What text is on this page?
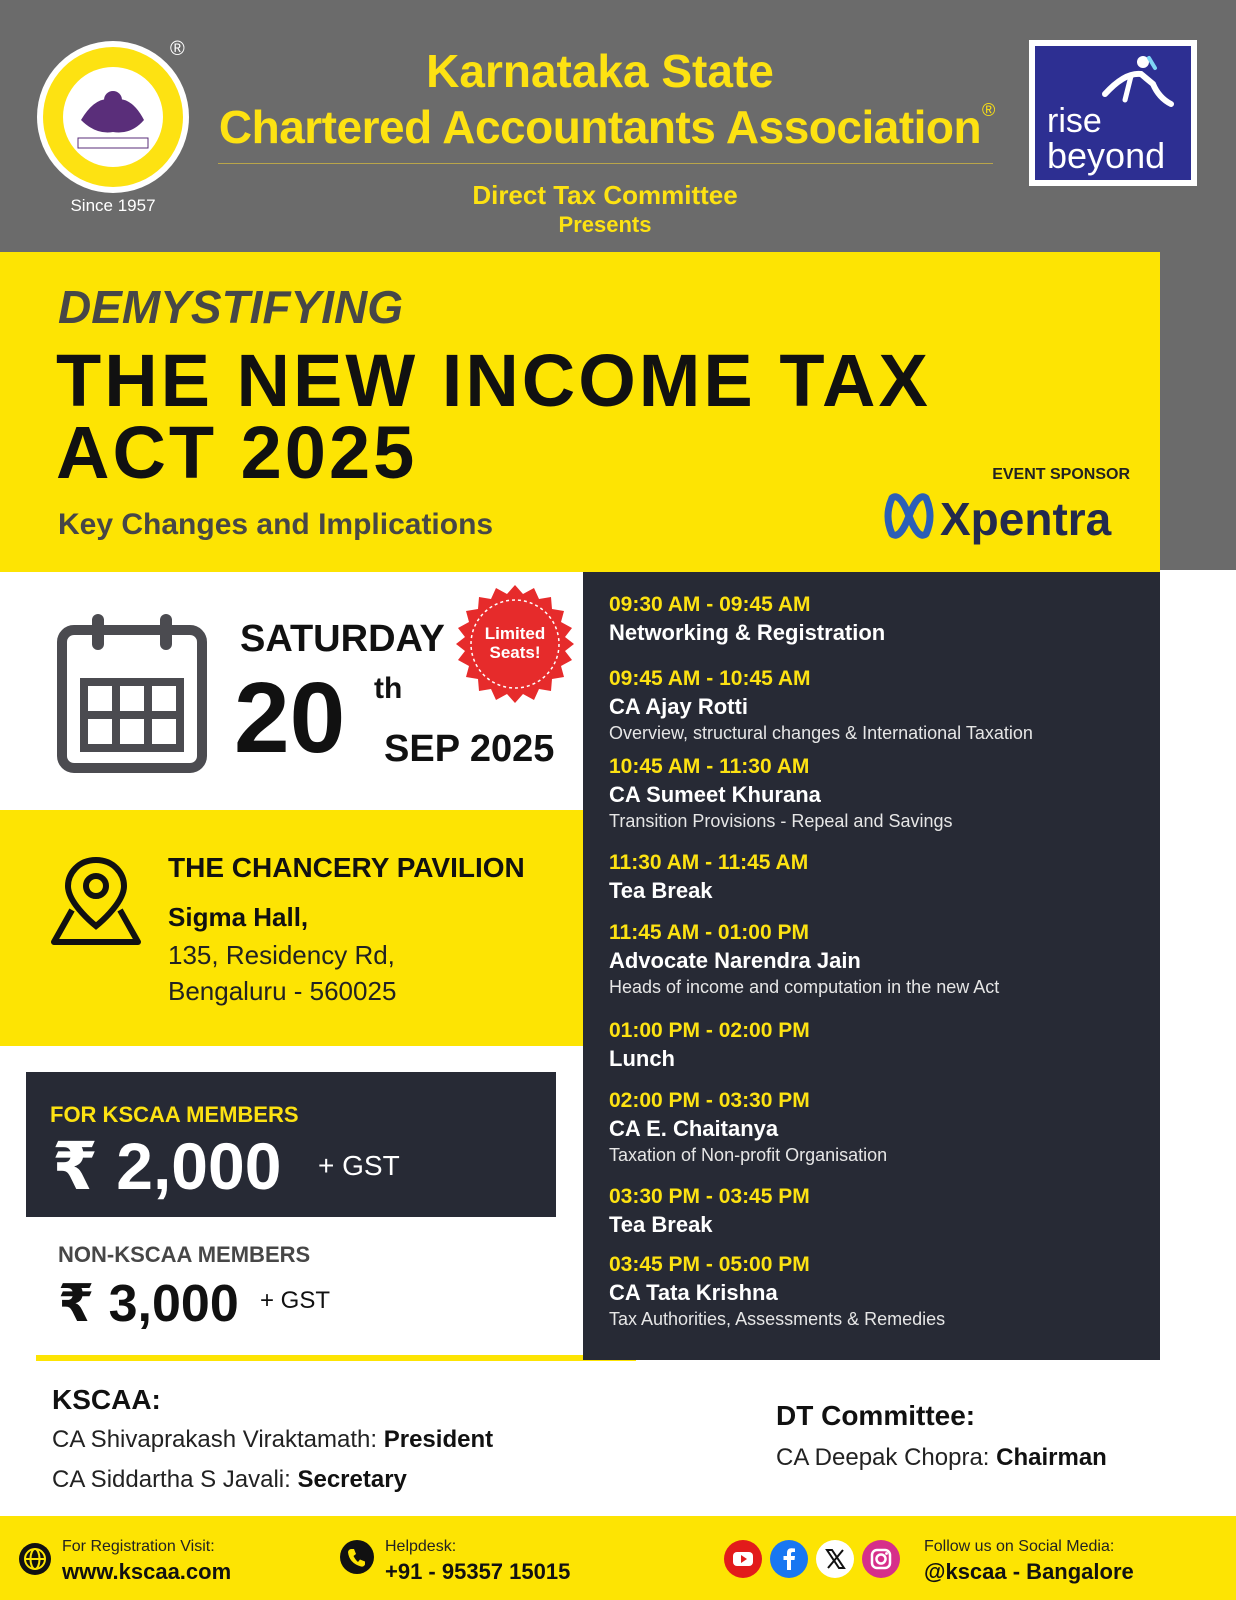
®
Since 1957
Karnataka State
Chartered Accountants Association ®
Direct Tax Committee
Presents
rise
beyond
DEMYSTIFYING
THE NEW INCOME TAX ACT 2025
Key Changes and Implications
EVENT SPONSOR
Xpentra
SATURDAY
20 th
SEP 2025
Limited Seats!
THE CHANCERY PAVILION
Sigma Hall,
135, Residency Rd,
Bengaluru - 560025
FOR KSCAA MEMBERS
₹ 2,000 + GST
NON-KSCAA MEMBERS
₹ 3,000 + GST
09:30 AM - 09:45 AM
Networking & Registration
09:45 AM - 10:45 AM
CA Ajay Rotti
Overview, structural changes & International Taxation
10:45 AM - 11:30 AM
CA Sumeet Khurana
Transition Provisions - Repeal and Savings
11:30 AM - 11:45 AM
Tea Break
11:45 AM - 01:00 PM
Advocate Narendra Jain
Heads of income and computation in the new Act
01:00 PM - 02:00 PM
Lunch
02:00 PM - 03:30 PM
CA E. Chaitanya
Taxation of Non-profit Organisation
03:30 PM - 03:45 PM
Tea Break
03:45 PM - 05:00 PM
CA Tata Krishna
Tax Authorities, Assessments & Remedies
KSCAA:
CA Shivaprakash Viraktamath: President
CA Siddartha S Javali: Secretary
DT Committee:
CA Deepak Chopra: Chairman
For Registration Visit:
www.kscaa.com
Helpdesk:
+91 - 95357 15015
Follow us on Social Media:
@kscaa - Bangalore
